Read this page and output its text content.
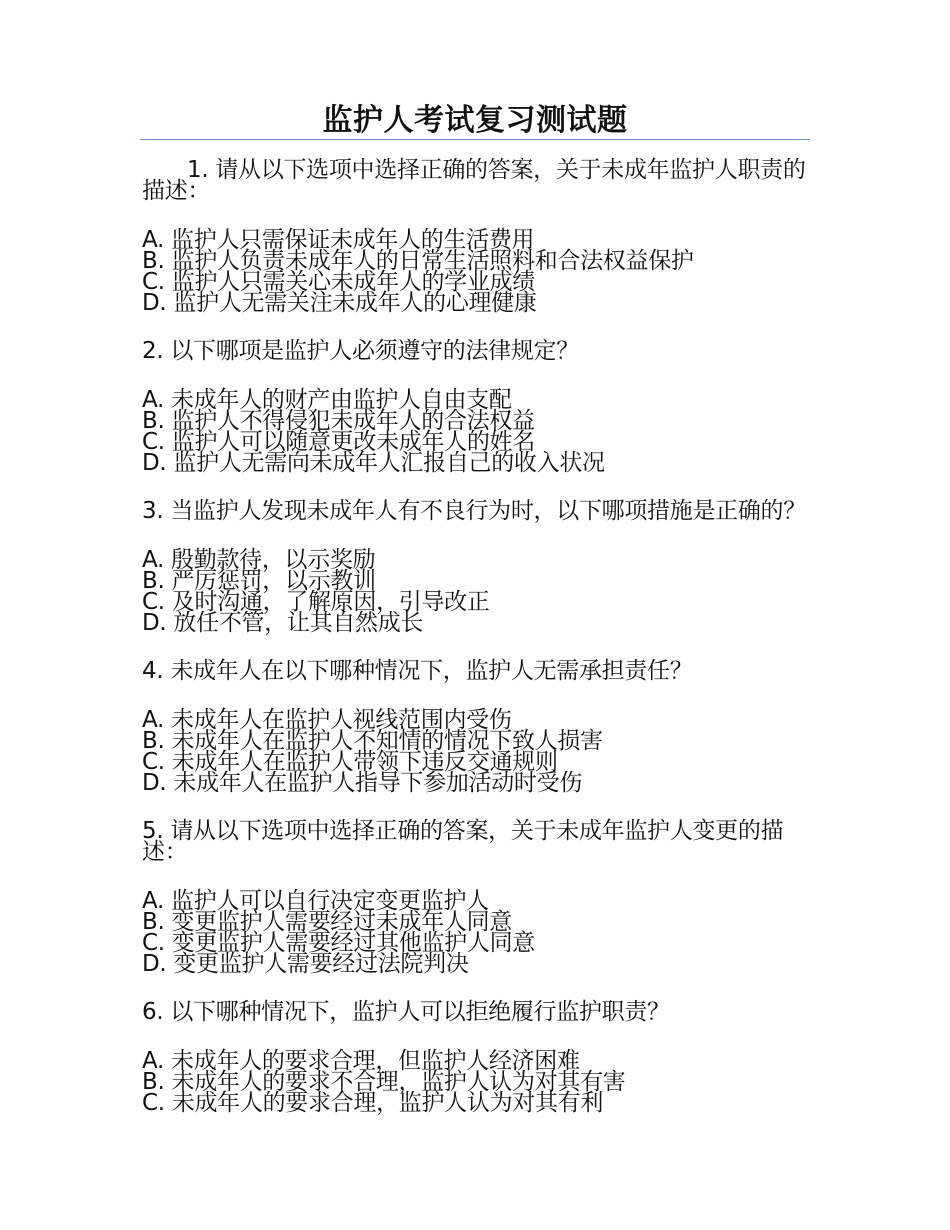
监护人考试复习测试题

1. 请从以下选项中选择正确的答案，关于未成年监护人职责的描述：

A. 监护人只需保证未成年人的生活费用
B. 监护人负责未成年人的日常生活照料和合法权益保护
C. 监护人只需关心未成年人的学业成绩
D. 监护人无需关注未成年人的心理健康

2. 以下哪项是监护人必须遵守的法律规定？

A. 未成年人的财产由监护人自由支配
B. 监护人不得侵犯未成年人的合法权益
C. 监护人可以随意更改未成年人的姓名
D. 监护人无需向未成年人汇报自己的收入状况

3. 当监护人发现未成年人有不良行为时，以下哪项措施是正确的？

A. 殷勤款待，以示奖励
B. 严厉惩罚，以示教训
C. 及时沟通，了解原因，引导改正
D. 放任不管，让其自然成长

4. 未成年人在以下哪种情况下，监护人无需承担责任？

A. 未成年人在监护人视线范围内受伤
B. 未成年人在监护人不知情的情况下致人损害
C. 未成年人在监护人带领下违反交通规则
D. 未成年人在监护人指导下参加活动时受伤

5. 请从以下选项中选择正确的答案，关于未成年监护人变更的描述：

A. 监护人可以自行决定变更监护人
B. 变更监护人需要经过未成年人同意
C. 变更监护人需要经过其他监护人同意
D. 变更监护人需要经过法院判决

6. 以下哪种情况下，监护人可以拒绝履行监护职责？

A. 未成年人的要求合理，但监护人经济困难
B. 未成年人的要求不合理，监护人认为对其有害
C. 未成年人的要求合理，监护人认为对其有利
